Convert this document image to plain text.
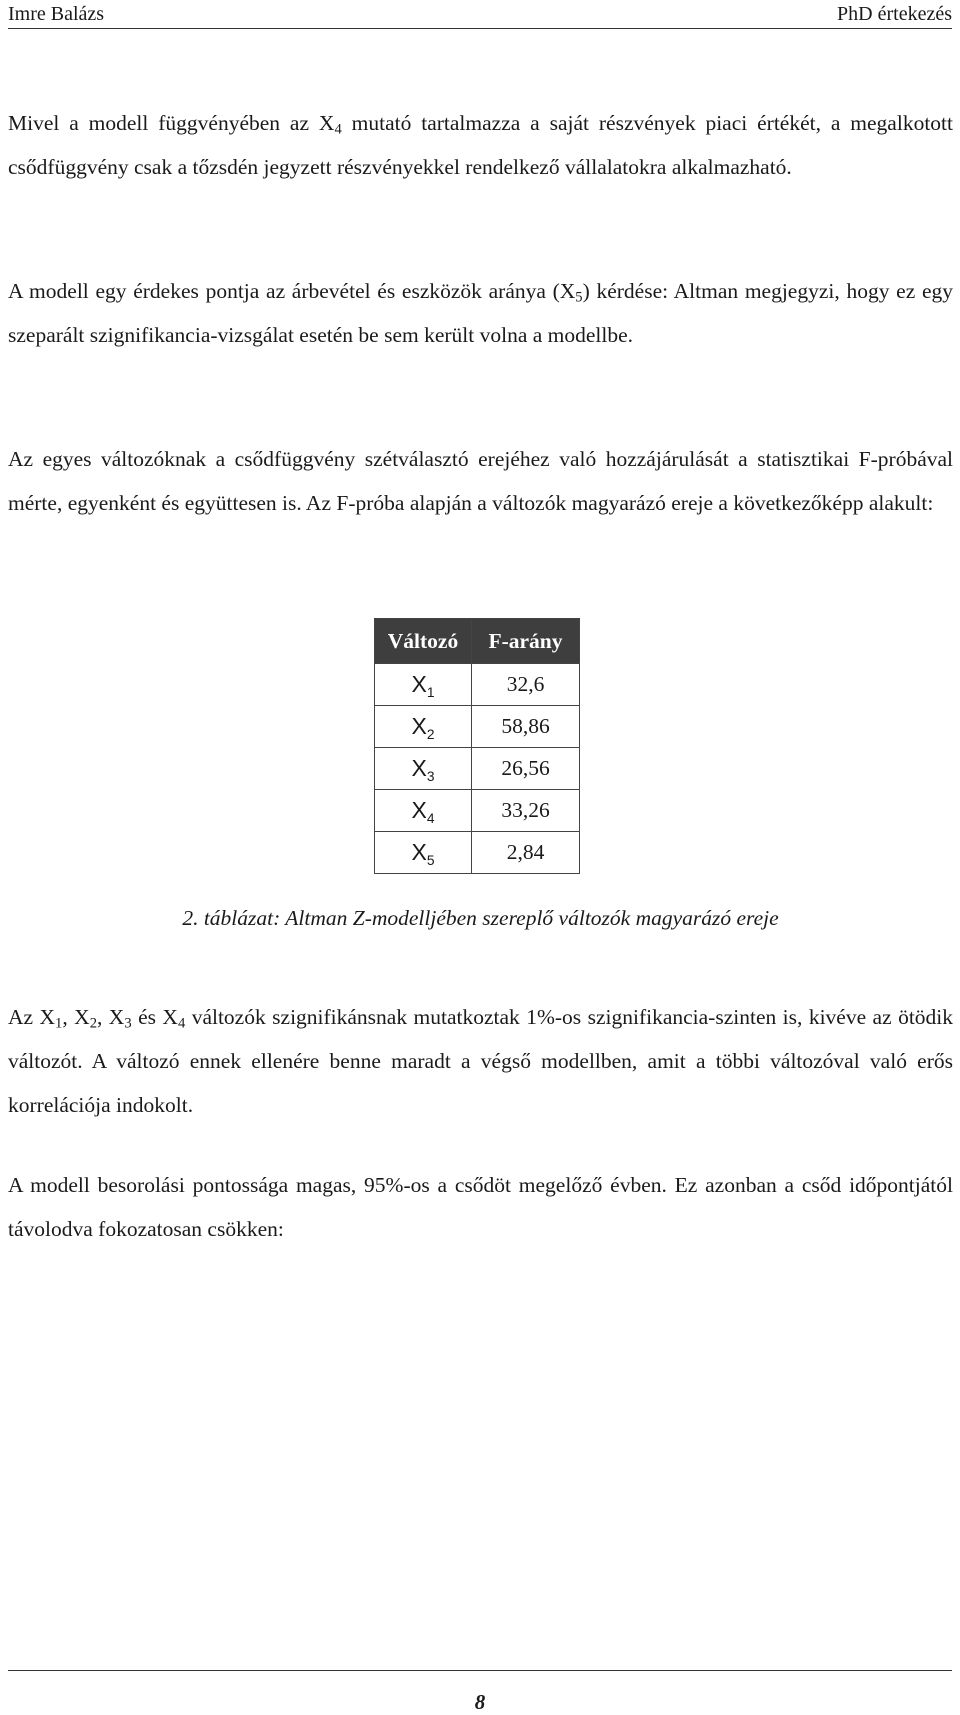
Imre Balázs	PhD értekezés

Mivel a modell függvényében az $X_4$ mutató tartalmazza a saját részvények piaci értékét, a megalkotott csődfüggvény csak a tőzsdén jegyzett részvényekkel rendelkező vállalatokra alkalmazható.

A modell egy érdekes pontja az árbevétel és eszközök aránya $(X_5)$ kérdése: Altman megjegyzi, hogy ez egy szeparált szignifikancia-vizsgálat esetén be sem került volna a modellbe.

Az egyes változóknak a csődfüggvény szétválasztó erejéhez való hozzájárulását a statisztikai F-próbával mérte, egyenként és együttesen is. Az F-próba alapján a változók magyarázó ereje a következőképp alakult:

Változó	F-arány
$X_1$	32,6
$X_2$	58,86
$X_3$	26,56
$X_4$	33,26
$X_5$	2,84
2. táblázat: Altman Z-modelljében szereplő változók magyarázó ereje

Az $X_1$, $X_2$, $X_3$ és $X_4$ változók szignifikánsnak mutatkoztak 1%-os szignifikancia-szinten is, kivéve az ötödik változót. A változó ennek ellenére benne maradt a végső modellben, amit a többi változóval való erős korrelációja indokolt.

A modell besorolási pontossága magas, 95%-os a csődöt megelőző évben. Ez azonban a csőd időpontjától távolodva fokozatosan csökken:

8
